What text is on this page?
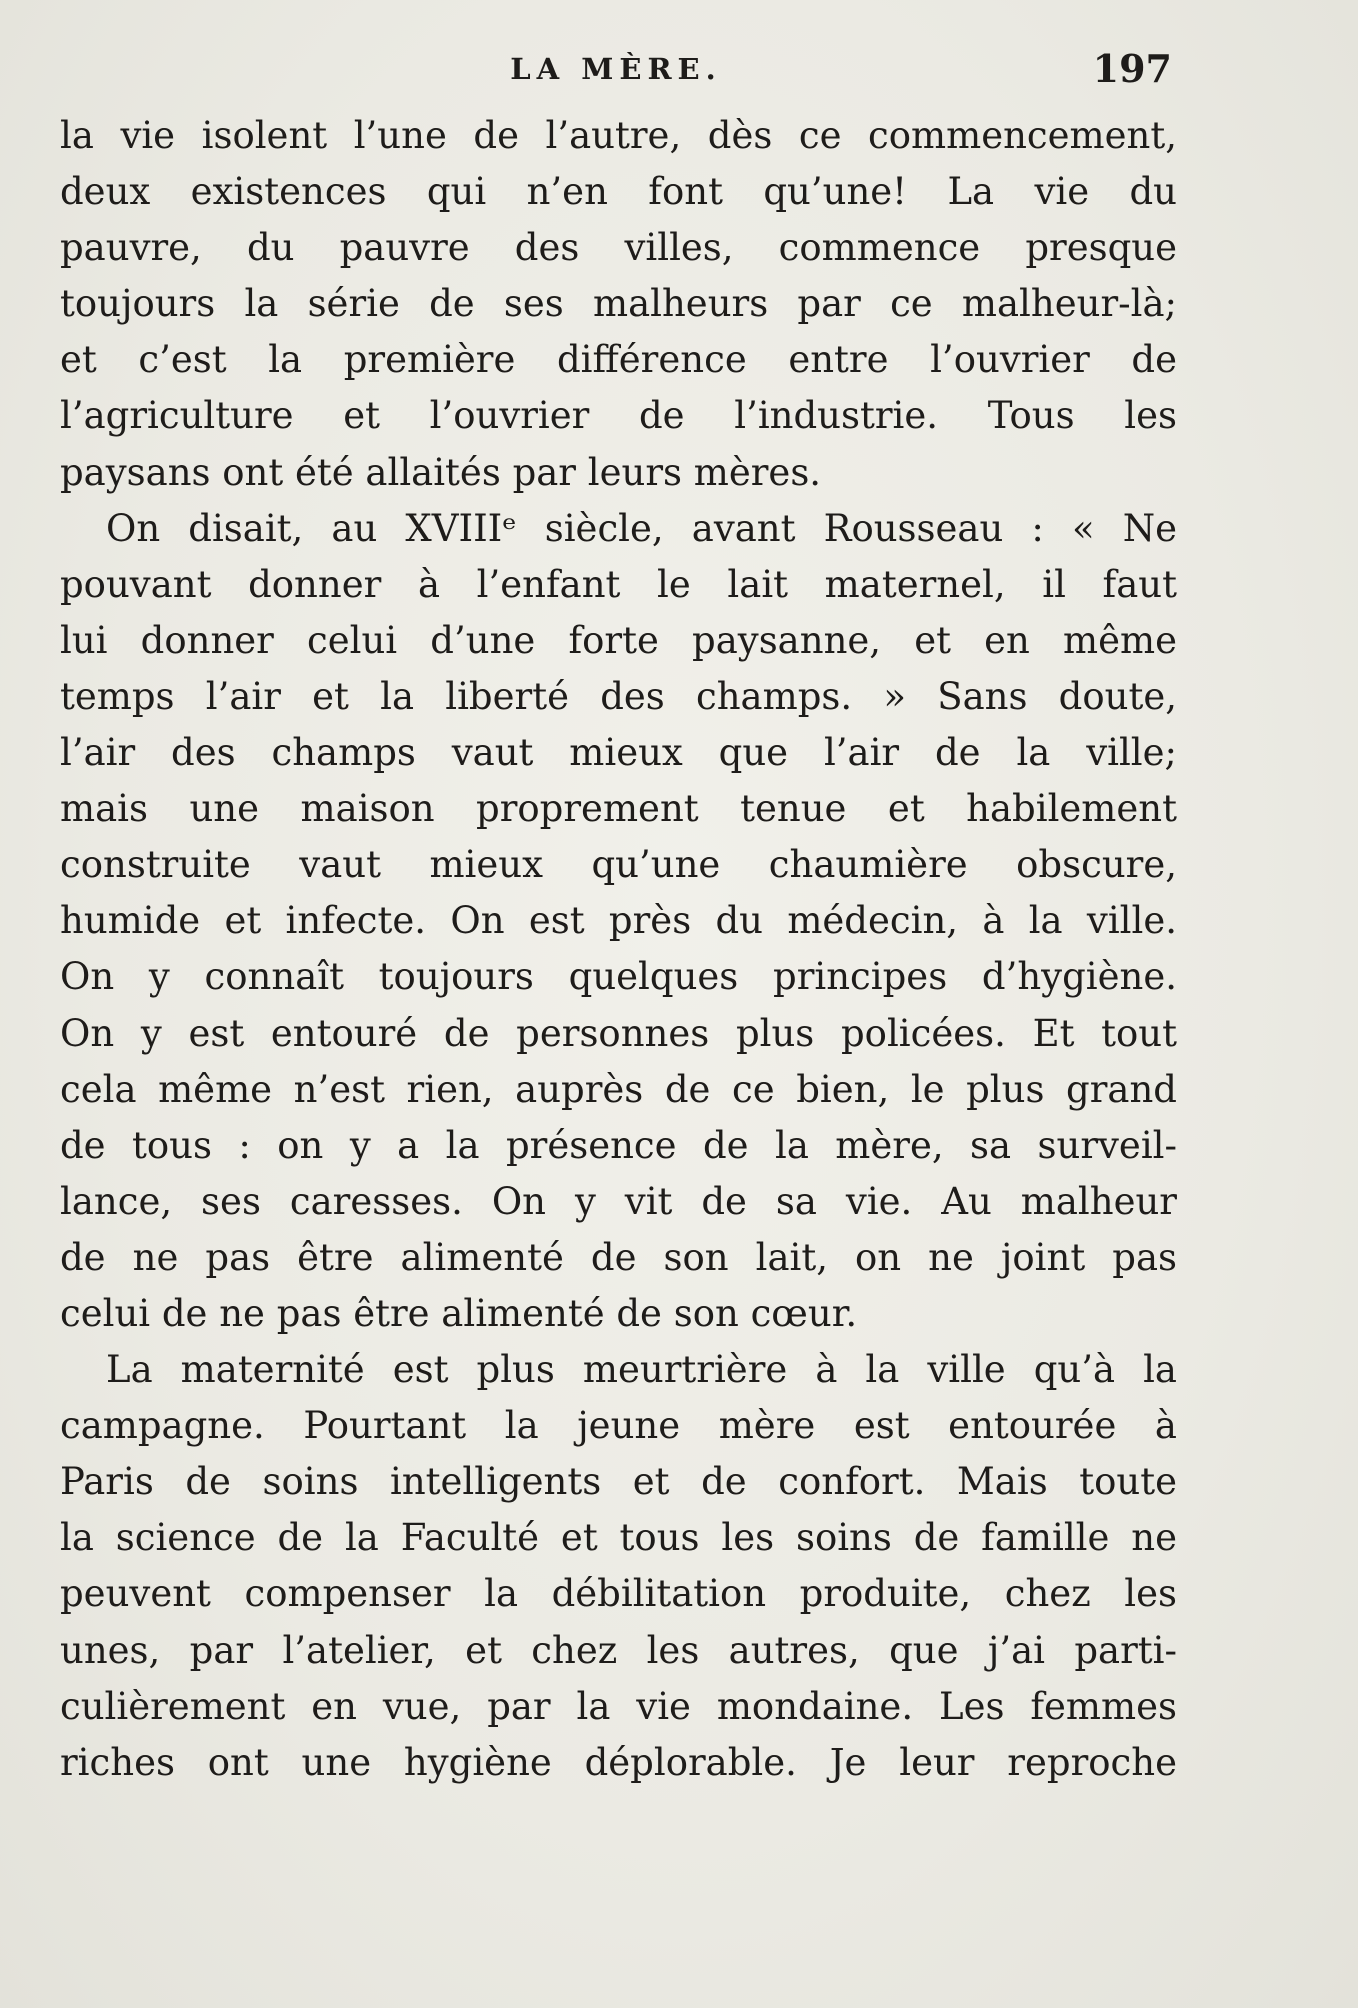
LA MÈRE.	197

la vie isolent l’une de l’autre, dès ce commencement,
deux existences qui n’en font qu’une! La vie du
pauvre, du pauvre des villes, commence presque
toujours la série de ses malheurs par ce malheur-là;
et c’est la première différence entre l’ouvrier de
l’agriculture et l’ouvrier de l’industrie. Tous les
paysans ont été allaités par leurs mères.

On disait, au XVIIIᵉ siècle, avant Rousseau : « Ne
pouvant donner à l’enfant le lait maternel, il faut
lui donner celui d’une forte paysanne, et en même
temps l’air et la liberté des champs. » Sans doute,
l’air des champs vaut mieux que l’air de la ville;
mais une maison proprement tenue et habilement
construite vaut mieux qu’une chaumière obscure,
humide et infecte. On est près du médecin, à la ville.
On y connaît toujours quelques principes d’hygiène.
On y est entouré de personnes plus policées. Et tout
cela même n’est rien, auprès de ce bien, le plus grand
de tous : on y a la présence de la mère, sa surveil-
lance, ses caresses. On y vit de sa vie. Au malheur
de ne pas être alimenté de son lait, on ne joint pas
celui de ne pas être alimenté de son cœur.

La maternité est plus meurtrière à la ville qu’à la
campagne. Pourtant la jeune mère est entourée à
Paris de soins intelligents et de confort. Mais toute
la science de la Faculté et tous les soins de famille ne
peuvent compenser la débilitation produite, chez les
unes, par l’atelier, et chez les autres, que j’ai parti-
culièrement en vue, par la vie mondaine. Les femmes
riches ont une hygiène déplorable. Je leur reproche
